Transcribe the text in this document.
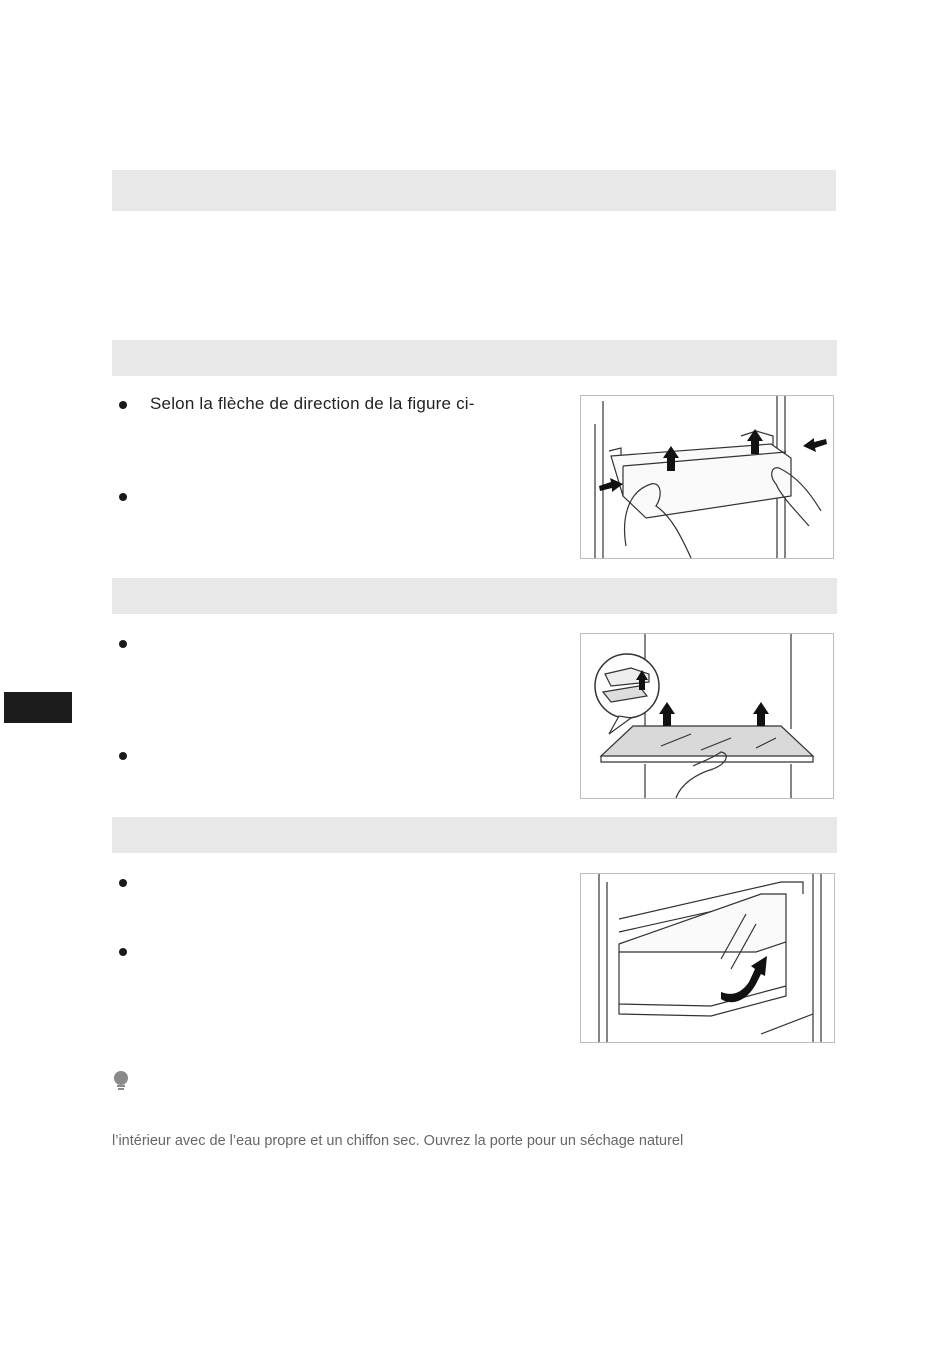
Selon la flèche de direction de la figure ci-
l’intérieur avec de l’eau propre et un chiffon sec. Ouvrez la porte pour un séchage naturel
